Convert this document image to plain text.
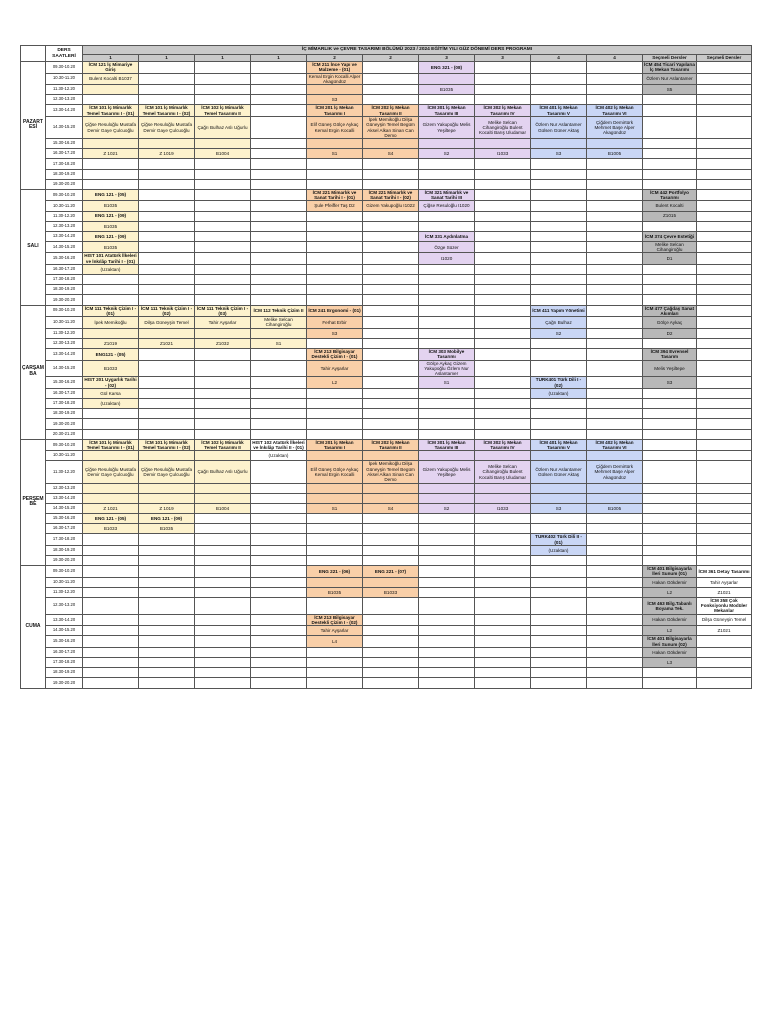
	DERS SAATLERİ	İÇ MİMARLIK ve ÇEVRE TASARIMI BÖLÜMÜ 2023 / 2024 EĞİTİM YILI GÜZ DÖNEMİ DERS PROGRAMI											
		1	1	1	1	2	2	3	3	4	4	Seçmeli Dersler	Seçmeli Dersler
PAZARTESİ	09.30-10.20	İCM 121 İç Mimariye Giriş				İCM 211 İnce Yapı ve Malzeme - (01)		ENG 321 - (08)				İCM 454 Ticari Yapılarıa İç Mekan Tasarımı	
	10.30-11.20	Bulent Kocalti B1037				Kemal Ergin Kocalli Alper Akagündüz						Özlem Nur Aslantamer	
	11.30-12.20							B1035				S5	
	12.30-13.20					S3							
	13.30-14.20	İCM 101 İç Mimarlık Temel Tasarımı I - (01)	İCM 101 İç Mimarlık Temel Tasarımı I - (02)	İCM 102 İç Mimarlık Temel Tasarımı II		İCM 201 İç Mekan Tasarımı I	İCM 202 İç Mekan Tasarımı II	İCM 301 İç Mekan Tasarımı III	İCM 302 İç Mekan Tasarımı IV	İCM 401 İç Mekan Tasarımı V	İCM 402 İç Mekan Tasarımı VI		
	14.30-15.20	Çiğse Resuloğlu Mustafa Demir Gaye Çulcuoğlu	Çiğse Resuloğlu Mustafa Demir Gaye Çulcuoğlu	Çağrı Bulhaz Aslı Uğurlu		Elif Güneş Gölçe Aykaç Kemal Ergin Kocalli	İpek Memikoğlu Dilşa Güneyşin Temel Begüm Aksel Alkan Sinan Can Demo	Gizem Yakupoğlu Melis Yeşiltepe	Melike Selcan Cihangiroğlu Bulent Kocalti Barış Uludamar	Özlem Nur Aslantamer Gülsen Güner Aktaş	Çiğdem Demirtürk Mehmet Başe Alper Akagündüz		
	15.30-16.20												
	16.30-17.20	Z 1021	Z 1019	B1004		S1	S4	S2	I1033	S3	B1005		
	17.30-18.20												
	18.30-19.20												
	19.30-20.20												
SALI	09.30-10.20	ENG 121 - (05)				İCM 221 Mimarlık ve Sanat Tarihi I - (01)	İCM 221 Mimarlık ve Sanat Tarihi I - (02)	İCM 321 Mimarlık ve Sanat Tarihi III				İCM 442 Portfolyo Tasarımı	
	10.30-11.20	B1035				Şule Pfeiffer Taş D2	Gizem Yakupoğlu I1022	Çiğse Resuloğlu I1020				Bulent Kocalti	
	11.30-12.20	ENG 121 - (09)										Z1015	
	12.30-13.20	B1035											
	13.30-14.20	ENG 121 - (09)						İCM 331 Aydınlatma				İCM 374 Çevre Estetiği	
	14.30-15.20	B1035						Özge Süzer				Melike Selcan Cihangiroğlu	
	15.30-16.20	HIST 101 Atatürk İlkeleri ve İnkılâp Tarihi I - (01)						I1020				D1	
	16.30-17.20	(Uzaktan)											
	17.30-18.20												
	18.30-19.20												
	19.30-20.20												
ÇARŞAMBA	09.30-10.20	İCM 111 Teknik Çizim I - (01)	İCM 111 Teknik Çizim I - (02)	İCM 111 Teknik Çizim I - (03)	İCM 112 Teknik Çizim II	İCM 241 Ergonomi - (01)				İCM 411 Yapım Yönetimi		İCM 477 Çağdaş Sanat Akımları	
	10.30-11.20	İpek Memikoğlu	Dilşa Güneyşin Temel	Tahir Ayşarlar	Melike Selcan Cihangiroğlu	Ferhat Erbir				Çağrı Bulhaz		Gölçe Aykaç	
	11.30-12.20					S3				S2		D2	
	12.30-13.20	Z1019	Z1021	Z1032	S1								
	13.30-14.20	ENG121 - (05)				İCM 213 Bilgisayar Destekli Çizim I - (01)		İCM 303 Mobilye Tasarımı				İCM 394 Evrensel Tasarım	
	14.30-15.20	B1033				Tahir Ayşarlar		Gölçe Aykaç Gizem Yakupoğlu Özlem Nur Aslantamer				Melis Yeşiltepe	
	15.30-16.20	HIST 201 Uygarlık Tarihi - (02)				L2		S1		TURK401 Türk Dili I - (02)		S3	
	16.30-17.20	Gül Karsa								(Uzaktan)			
	17.30-18.20	(Uzaktan)											
	18.30-19.20												
	19.30-20.20												
	20.30-21.20												
PERŞEMBE	09.30-10.20	İCM 101 İç Mimarlık Temel Tasarımı I - (01)	İCM 101 İç Mimarlık Temel Tasarımı I - (02)	İCM 102 İç Mimarlık Temel Tasarımı II	HIST 102 Atatürk İlkeleri ve İnkılâp Tarihi II - (01)	İCM 201 İç Mekan Tasarımı I	İCM 202 İç Mekan Tasarımı II	İCM 301 İç Mekan Tasarımı III	İCM 302 İç Mekan Tasarımı IV	İCM 401 İç Mekan Tasarımı V	İCM 402 İç Mekan Tasarımı VI		
	10.30-11.20				(Uzaktan)								
	11.30-12.20	Çiğse Resuloğlu Mustafa Demir Gaye Çulcuoğlu	Çiğse Resuloğlu Mustafa Demir Gaye Çulcuoğlu	Çağrı Bulhaz Aslı Uğurlu		Elif Güneş Gölçe Aykaç Kemal Ergin Kocalli	İpek Memikoğlu Dilşa Güneyşin Temel Begüm Aksel Alkan Sinan Can Demo	Gizem Yakupoğlu Melis Yeşiltepe	Melike Selcan Cihangiroğlu Bulent Kocalti Barış Uludamar	Özlem Nur Aslantamer Gülsen Güner Aktaş	Çiğdem Demirtürk Mehmet Başe Alper Akagündüz		
	12.30-13.20												
	13.30-14.20												
	14.30-15.20	Z 1021	Z 1019	B1004		S1	S4	S2	I1033	S3	B1005		
	15.30-16.20	ENG 121 - (05)	ENG 121 - (09)										
	16.30-17.20	B1033	B1035										
	17.30-18.20									TURK402 Türk Dili II - (01)			
	18.30-19.20									(Uzaktan)			
	19.30-20.20												
CUMA	09.30-10.20					ENG 221 - (06)	ENG 221 - (07)					İCM 401 Bilgisayarla İleri Sunum (01)	İCM 361 Detay Tasarımı
	10.30-11.20											Hakan Gökdemir	Tahir Ayşarlar
	11.30-12.20					B1035	B1033					L2	Z1021
	12.30-13.20											İCM 463 Bilg.Tabanlı Boyama Tek.	İCM 358 Çok Fonksiyonlu Modüler Mekanlar
	13.30-14.20					İCM 213 Bilgisayar Destekli Çizim I - (02)						Hakan Gökdemir	Dilşa Güneyşin Temel
	14.30-15.20					Tahir Ayşarlar						L2	Z1021
	15.30-16.20					L4						İCM 401 Bilgisayarla İleri Sunum (02)	
	16.30-17.20											Hakan Gökdemir	
	17.30-18.20											L3	
	18.30-19.20												
	19.30-20.20												
